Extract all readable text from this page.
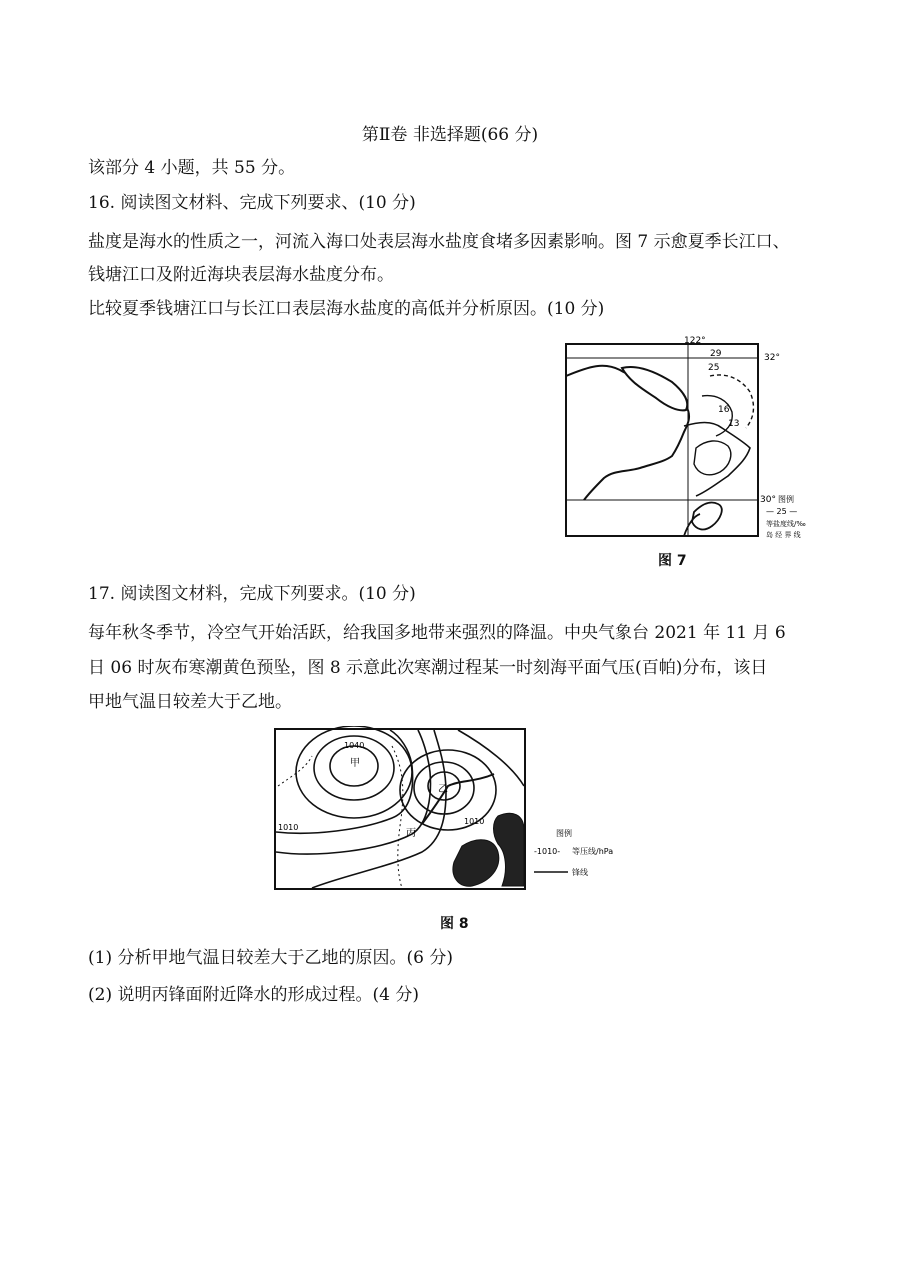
第Ⅱ卷 非选择题(66 分)
该部分 4 小题，共 55 分。
16. 阅读图文材料、完成下列要求、(10 分)
盐度是海水的性质之一，河流入海口处表层海水盐度食堵多因素影响。图 7 示愈夏季长江口、
钱塘江口及附近海块表层海水盐度分布。
比较夏季钱塘江口与长江口表层海水盐度的高低并分析原因。(10 分)
122°
32°
30°
29
25
16
13
图例
— 25 —
等盐度线/‰
岛 经 界 线
图 7
17. 阅读图文材料，完成下列要求。(10 分)
每年秋冬季节，冷空气开始活跃，给我国多地带来强烈的降温。中央气象台 2021 年 11 月 6
日 06 时灰布寒潮黄色预坠，图 8 示意此次寒潮过程某一时刻海平面气压(百帕)分布，该日
甲地气温日较差大于乙地。
1040
甲
1010
1010
乙
丙	图例
-1010- 等压线/hPa
锋线
图 8
(1) 分析甲地气温日较差大于乙地的原因。(6 分)
(2) 说明丙锋面附近降水的形成过程。(4 分)
